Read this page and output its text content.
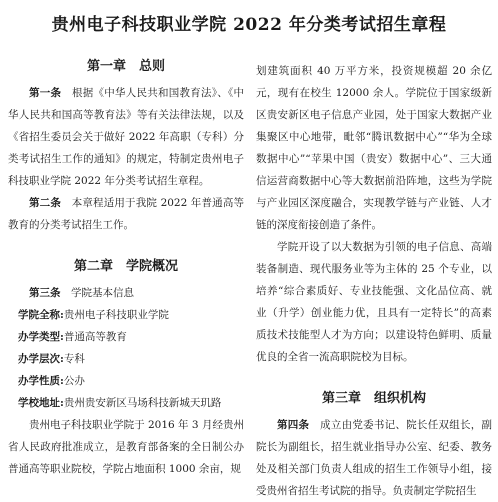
贵州电子科技职业学院 2022 年分类考试招生章程
第一章　总则

第一条　 根据《中华人民共和国教育法》、《中华人民共和国高等教育法》等有关法律法规，以及《省招生委员会关于做好 2022 年高职（专科）分类考试招生工作的通知》的规定，特制定贵州电子科技职业学院 2022 年分类考试招生章程。

第二条　 本章程适用于我院 2022 年普通高等教育的分类考试招生工作。

第二章　学院概况

第三条　 学院基本信息

学院全称:贵州电子科技职业学院
办学类型:普通高等教育
办学层次:专科
办学性质:公办
学校地址:贵州贵安新区马场科技新城天玑路

贵州电子科技职业学院于 2016 年 3 月经贵州省人民政府批准成立，是教育部备案的全日制公办普通高等职业院校，学院占地面积 1000 余亩，规

划建筑面积 40 万平方米，投资规模超 20 余亿元，现有在校生 12000 余人。学院位于国家级新区贵安新区电子信息产业园，处于国家大数据产业集聚区中心地带，毗邻“腾讯数据中心”“华为全球数据中心”“苹果中国（贵安）数据中心”、三大通信运营商数据中心等大数据前沿阵地，这些为学院与产业园区深度融合，实现教学链与产业链、人才链的深度衔接创造了条件。

学院开设了以大数据为引领的电子信息、高端装备制造、现代服务业等为主体的 25 个专业，以培养“综合素质好、专业技能强、文化品位高、就业（升学）创业能力优，且具有一定特长”的高素质技术技能型人才为方向；以建设特色鲜明、质量优良的全省一流高职院校为目标。

第三章　组织机构

第四条　 成立由党委书记、院长任双组长，副院长为副组长，招生就业指导办公室、纪委、教务处及相关部门负责人组成的招生工作领导小组，接受贵州省招生考试院的指导。负责制定学院招生
